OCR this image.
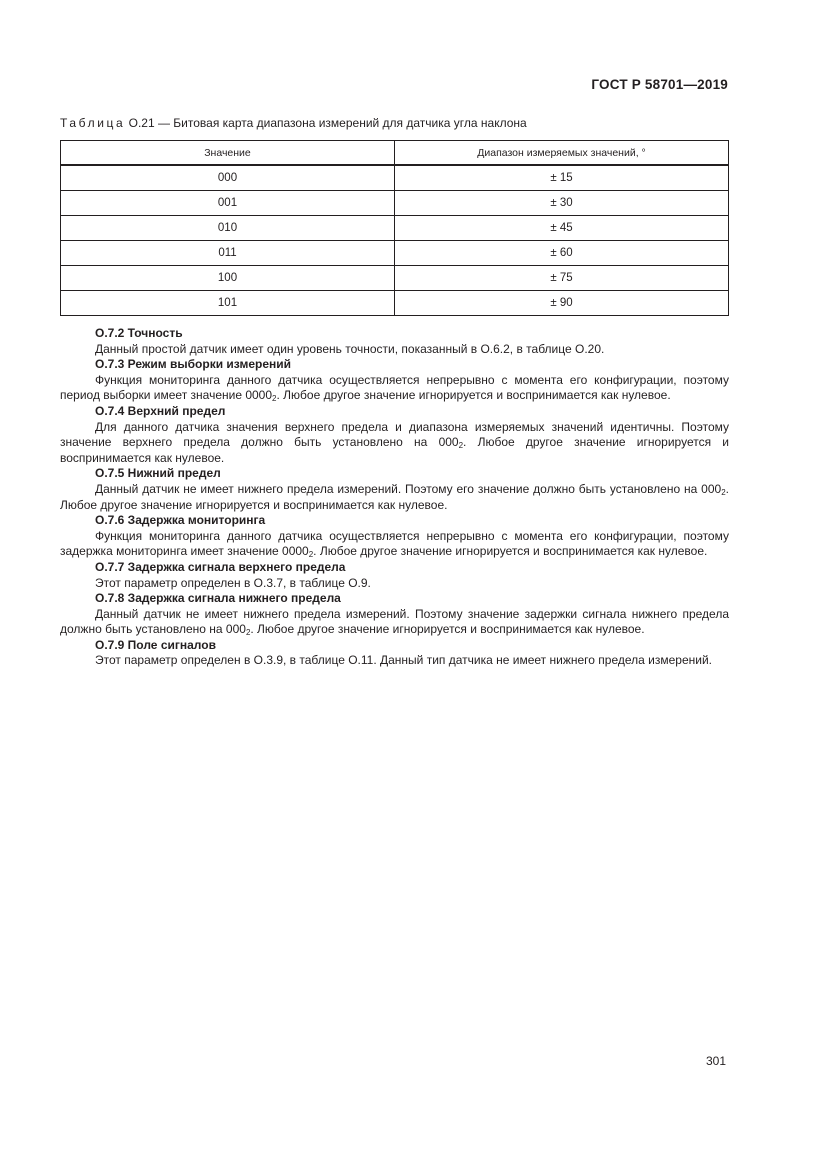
ГОСТ Р 58701—2019
Таблица О.21 — Битовая карта диапазона измерений для датчика угла наклона
Значение	Диапазон измеряемых значений, °
000	± 15
001	± 30
010	± 45
011	± 60
100	± 75
101	± 90
О.7.2 Точность

Данный простой датчик имеет один уровень точности, показанный в О.6.2, в таблице О.20.

О.7.3 Режим выборки измерений

Функция мониторинга данного датчика осуществляется непрерывно с момента его конфигурации, поэтому период выборки имеет значение $0000_2$. Любое другое значение игнорируется и воспринимается как нулевое.

О.7.4 Верхний предел

Для данного датчика значения верхнего предела и диапазона измеряемых значений идентичны. Поэтому значение верхнего предела должно быть установлено на $000_2$. Любое другое значение игнорируется и воспринимается как нулевое.

О.7.5 Нижний предел

Данный датчик не имеет нижнего предела измерений. Поэтому его значение должно быть установлено на $000_2$. Любое другое значение игнорируется и воспринимается как нулевое.

О.7.6 Задержка мониторинга

Функция мониторинга данного датчика осуществляется непрерывно с момента его конфигурации, поэтому задержка мониторинга имеет значение $0000_2$. Любое другое значение игнорируется и воспринимается как нулевое.

О.7.7 Задержка сигнала верхнего предела

Этот параметр определен в О.3.7, в таблице О.9.

О.7.8 Задержка сигнала нижнего предела

Данный датчик не имеет нижнего предела измерений. Поэтому значение задержки сигнала нижнего предела должно быть установлено на $000_2$. Любое другое значение игнорируется и воспринимается как нулевое.

О.7.9 Поле сигналов

Этот параметр определен в О.3.9, в таблице О.11. Данный тип датчика не имеет нижнего предела измерений.

301
